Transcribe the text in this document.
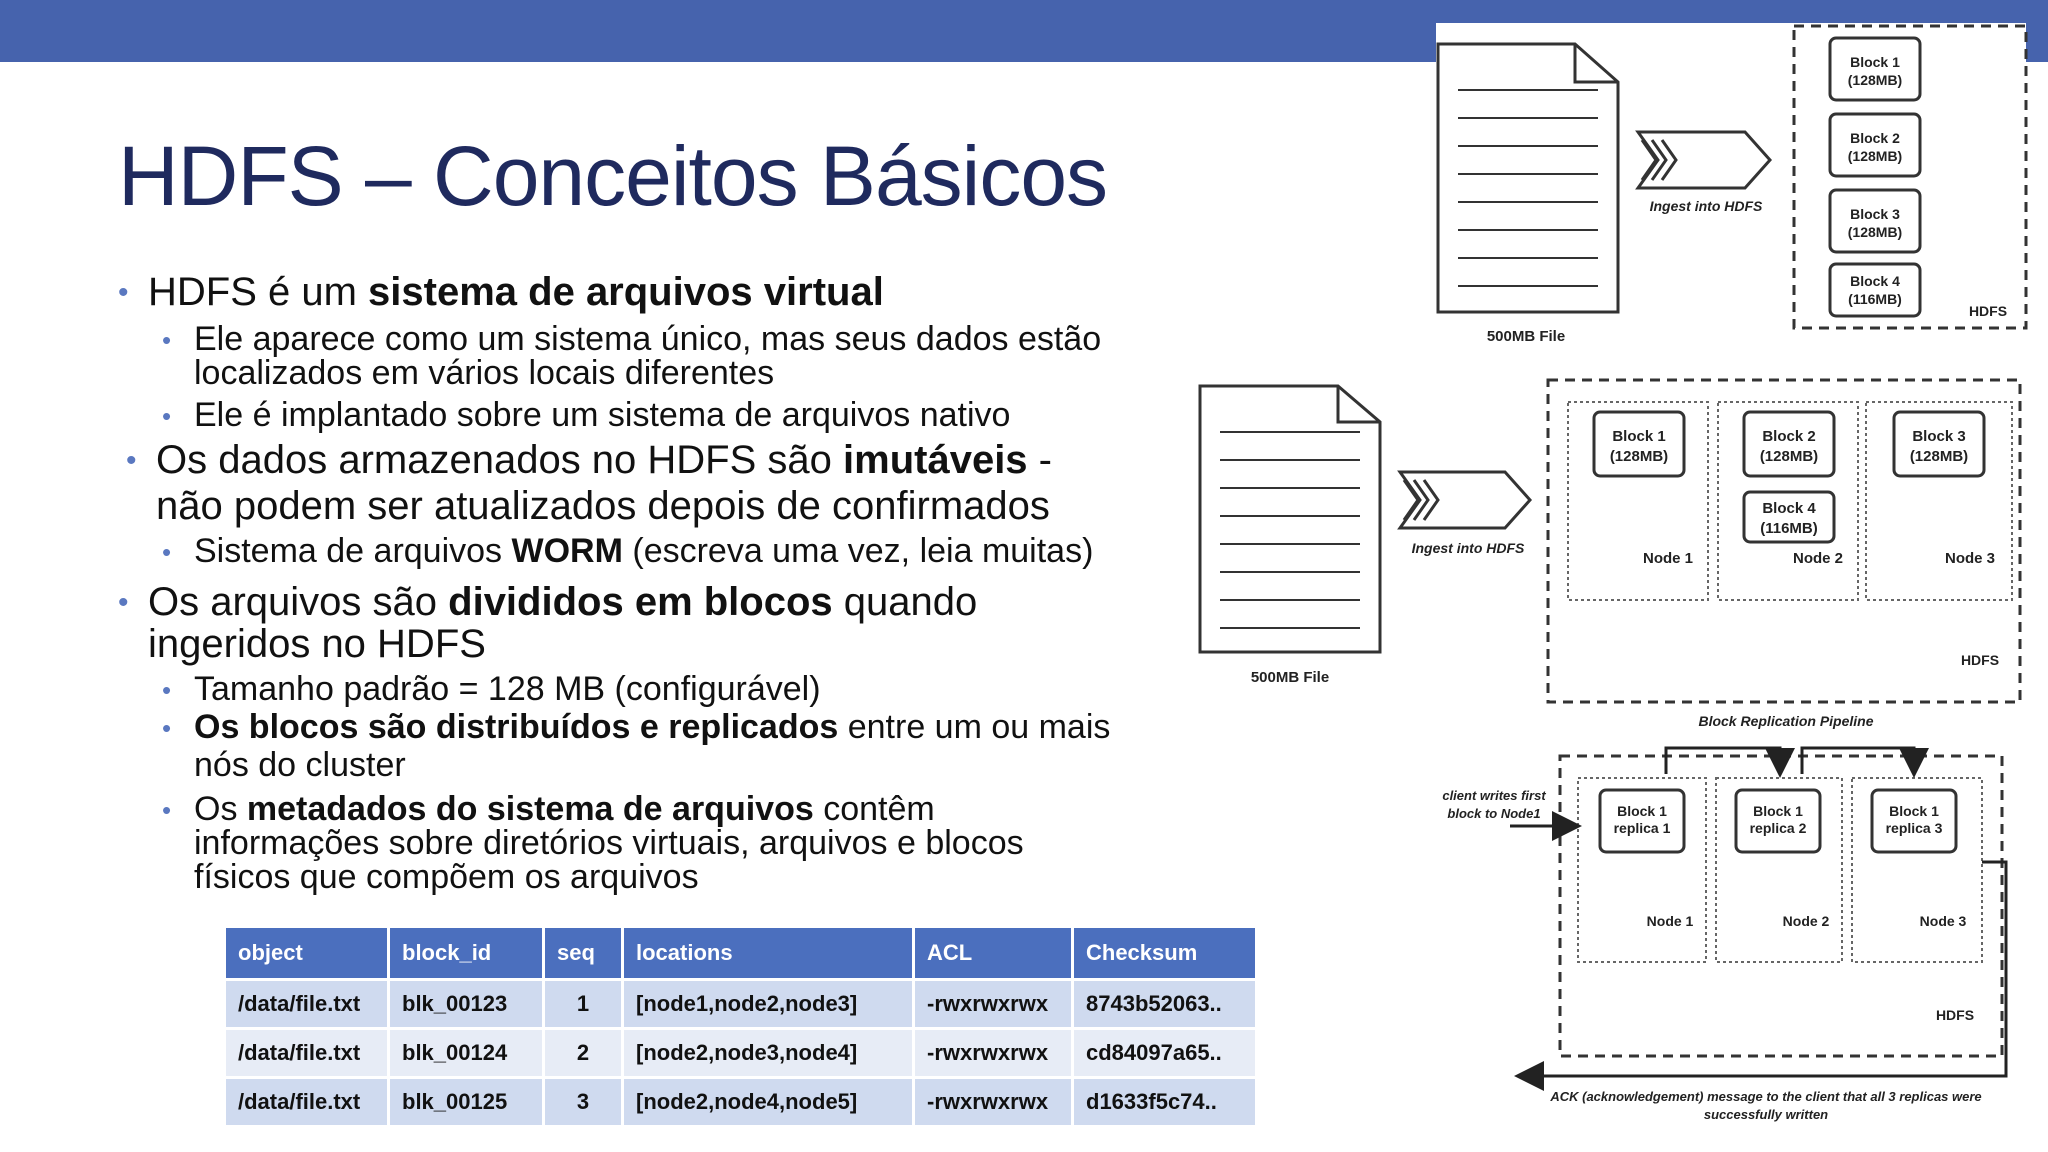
HDFS – Conceitos Básicos
• HDFS é um sistema de arquivos virtual
• Ele aparece como um sistema único, mas seus dados estão
localizados em vários locais diferentes
• Ele é implantado sobre um sistema de arquivos nativo
• Os dados armazenados no HDFS são imutáveis -
não podem ser atualizados depois de confirmados
• Sistema de arquivos WORM (escreva uma vez, leia muitas)
• Os arquivos são divididos em blocos quando
ingeridos no HDFS
• Tamanho padrão = 128 MB (configurável)
• Os blocos são distribuídos e replicados entre um ou mais
nós do cluster
• Os metadados do sistema de arquivos contêm
informações sobre diretórios virtuais, arquivos e blocos
físicos que compõem os arquivos
object	block_id	seq	locations	ACL	Checksum
/data/file.txt	blk_00123	1	[node1,node2,node3]	-rwxrwxrwx	8743b52063..
/data/file.txt	blk_00124	2	[node2,node3,node4]	-rwxrwxrwx	cd84097a65..
/data/file.txt	blk_00125	3	[node2,node4,node5]	-rwxrwxrwx	d1633f5c74..
500MB File
Ingest into HDFS
HDFS
Block 1
(128MB)
Block 2
(128MB)
Block 3
(128MB)
Block 4
(116MB)
500MB File
Ingest into HDFS
HDFS
Node 1	Node 2	Node 3
Block 1
(128MB)
Block 2
(128MB)
Block 3
(128MB)
Block 4
(116MB)
Block Replication Pipeline
HDFS
Node 1	Node 2	Node 3
Block 1
replica 1
Block 1
replica 2
Block 1
replica 3
client writes first
block to Node1
ACK (acknowledgement) message to the client that all 3 replicas were
successfully written
